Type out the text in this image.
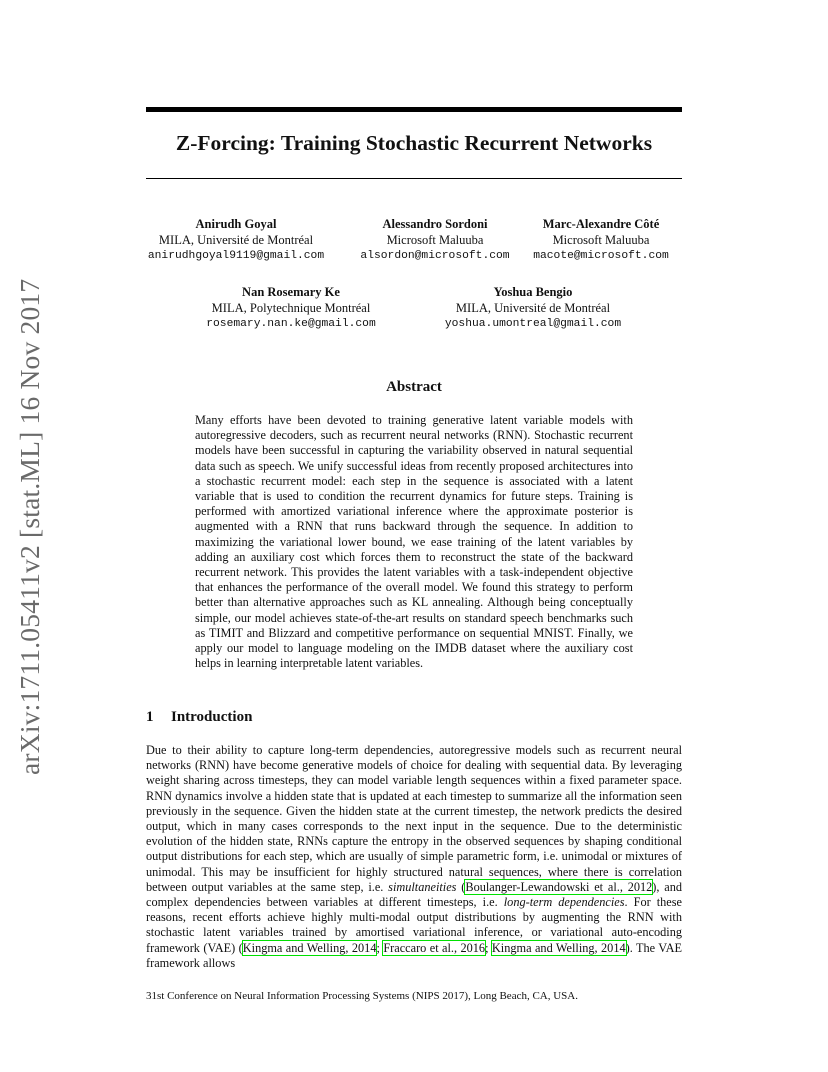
arXiv:1711.05411v2 [stat.ML] 16 Nov 2017
Z-Forcing: Training Stochastic Recurrent Networks
Anirudh Goyal
MILA, Université de Montréal
anirudhgoyal9119@gmail.com
Alessandro Sordoni
Microsoft Maluuba
alsordon@microsoft.com
Marc-Alexandre Côté
Microsoft Maluuba
macote@microsoft.com
Nan Rosemary Ke
MILA, Polytechnique Montréal
rosemary.nan.ke@gmail.com
Yoshua Bengio
MILA, Université de Montréal
yoshua.umontreal@gmail.com
Abstract

Many efforts have been devoted to training generative latent variable models with autoregressive decoders, such as recurrent neural networks (RNN). Stochastic recurrent models have been successful in capturing the variability observed in natural sequential data such as speech. We unify successful ideas from recently proposed architectures into a stochastic recurrent model: each step in the sequence is associated with a latent variable that is used to condition the recurrent dynamics for future steps. Training is performed with amortized variational inference where the approximate posterior is augmented with a RNN that runs backward through the sequence. In addition to maximizing the variational lower bound, we ease training of the latent variables by adding an auxiliary cost which forces them to reconstruct the state of the backward recurrent network. This provides the latent variables with a task-independent objective that enhances the performance of the overall model. We found this strategy to perform better than alternative approaches such as KL annealing. Although being conceptually simple, our model achieves state-of-the-art results on standard speech benchmarks such as TIMIT and Blizzard and competitive performance on sequential MNIST. Finally, we apply our model to language modeling on the IMDB dataset where the auxiliary cost helps in learning interpretable latent variables.

1 Introduction

Due to their ability to capture long-term dependencies, autoregressive models such as recurrent neural networks (RNN) have become generative models of choice for dealing with sequential data. By leveraging weight sharing across timesteps, they can model variable length sequences within a fixed parameter space. RNN dynamics involve a hidden state that is updated at each timestep to summarize all the information seen previously in the sequence. Given the hidden state at the current timestep, the network predicts the desired output, which in many cases corresponds to the next input in the sequence. Due to the deterministic evolution of the hidden state, RNNs capture the entropy in the observed sequences by shaping conditional output distributions for each step, which are usually of simple parametric form, i.e. unimodal or mixtures of unimodal. This may be insufficient for highly structured natural sequences, where there is correlation between output variables at the same step, i.e. simultaneities (Boulanger-Lewandowski et al., 2012), and complex dependencies between variables at different timesteps, i.e. long-term dependencies. For these reasons, recent efforts achieve highly multi-modal output distributions by augmenting the RNN with stochastic latent variables trained by amortised variational inference, or variational auto-encoding framework (VAE) (Kingma and Welling, 2014; Fraccaro et al., 2016; Kingma and Welling, 2014). The VAE framework allows

31st Conference on Neural Information Processing Systems (NIPS 2017), Long Beach, CA, USA.
